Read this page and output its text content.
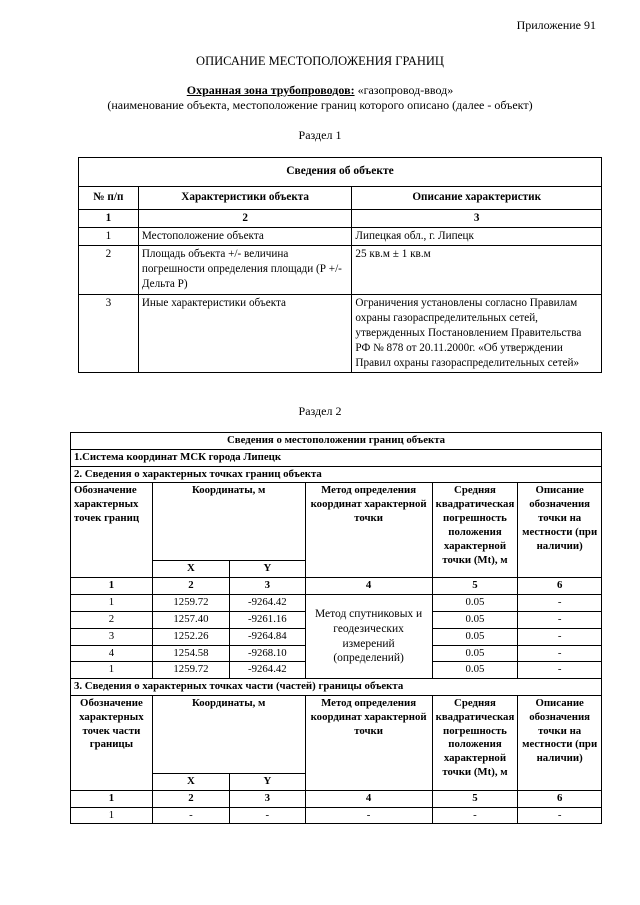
Приложение 91
ОПИСАНИЕ МЕСТОПОЛОЖЕНИЯ ГРАНИЦ
Охранная зона трубопроводов: «газопровод-ввод»
(наименование объекта, местоположение границ которого описано (далее - объект)
Раздел 1
Сведения об объекте		
№ п/п	Характеристики объекта	Описание характеристик
1	2	3
1	Местоположение объекта	Липецкая обл., г. Липецк
2	Площадь объекта +/- величина погрешности определения площади (Р +/- Дельта Р)	25 кв.м ± 1 кв.м
3	Иные характеристики объекта	Ограничения установлены согласно Правилам охраны газораспределительных сетей, утвержденных Постановлением Правительства РФ № 878 от 20.11.2000г. «Об утверждении Правил охраны газораспределительных сетей»
Раздел 2
Сведения о местоположении границ объекта					
1.Система координат МСК города Липецк					
2. Сведения о характерных точках границ объекта					
Обозначение характерных точек границ	Координаты, м		Метод определения координат характерной точки	Средняя квадратическая погрешность положения характерной точки (Mt), м	Описание обозначения точки на местности (при наличии)
	X	Y			
1	2	3	4	5	6
1	1259.72	-9264.42	Метод спутниковых и геодезических измерений (определений)	0.05	-
2	1257.40	-9261.16		0.05	-
3	1252.26	-9264.84		0.05	-
4	1254.58	-9268.10		0.05	-
1	1259.72	-9264.42		0.05	-
3. Сведения о характерных точках части (частей) границы объекта					
Обозначение характерных точек части границы	Координаты, м		Метод определения координат характерной точки	Средняя квадратическая погрешность положения характерной точки (Mt), м	Описание обозначения точки на местности (при наличии)
	X	Y			
1	2	3	4	5	6
1	-	-	-	-	-
